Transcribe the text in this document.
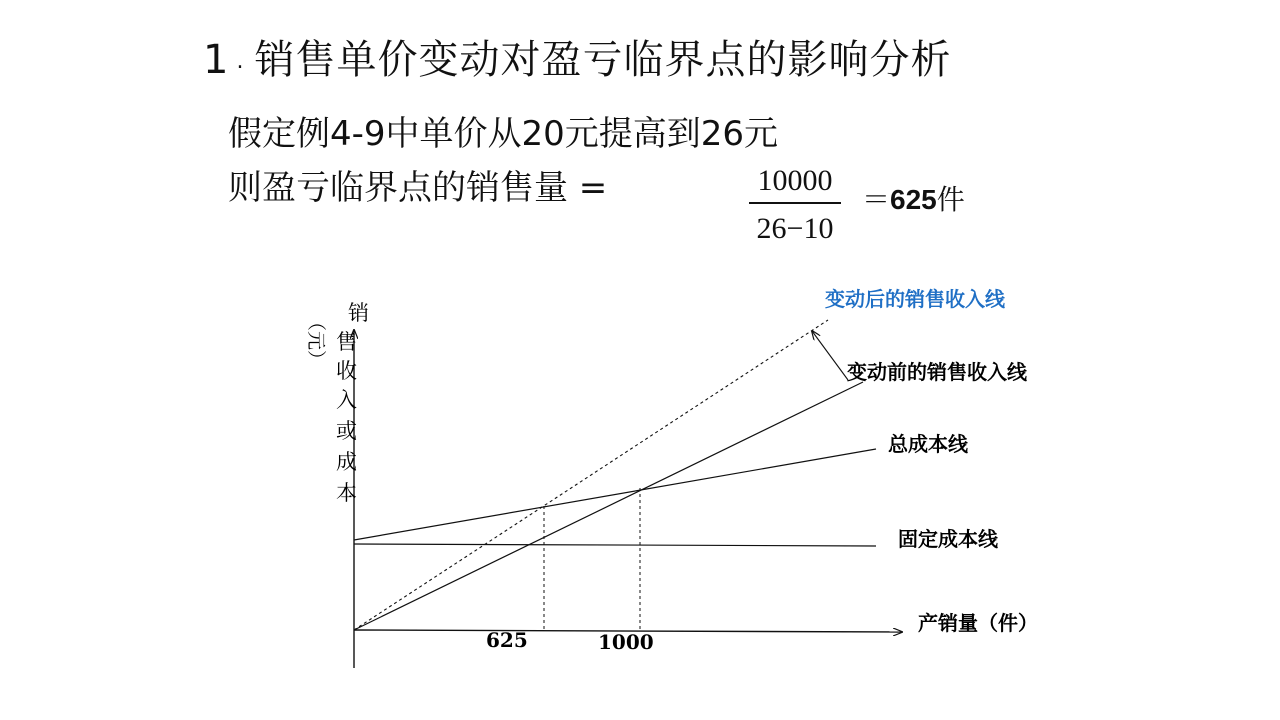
1. 销售单价变动对盈亏临界点的影响分析
假定例4-9中单价从20元提高到26元
则盈亏临界点的销售量 =	10000
26−10
＝625件
销
售
收
入
或
成
本
（元）
产销量（件）
625	1000
变动后的销售收入线
变动前的销售收入线
总成本线
固定成本线
